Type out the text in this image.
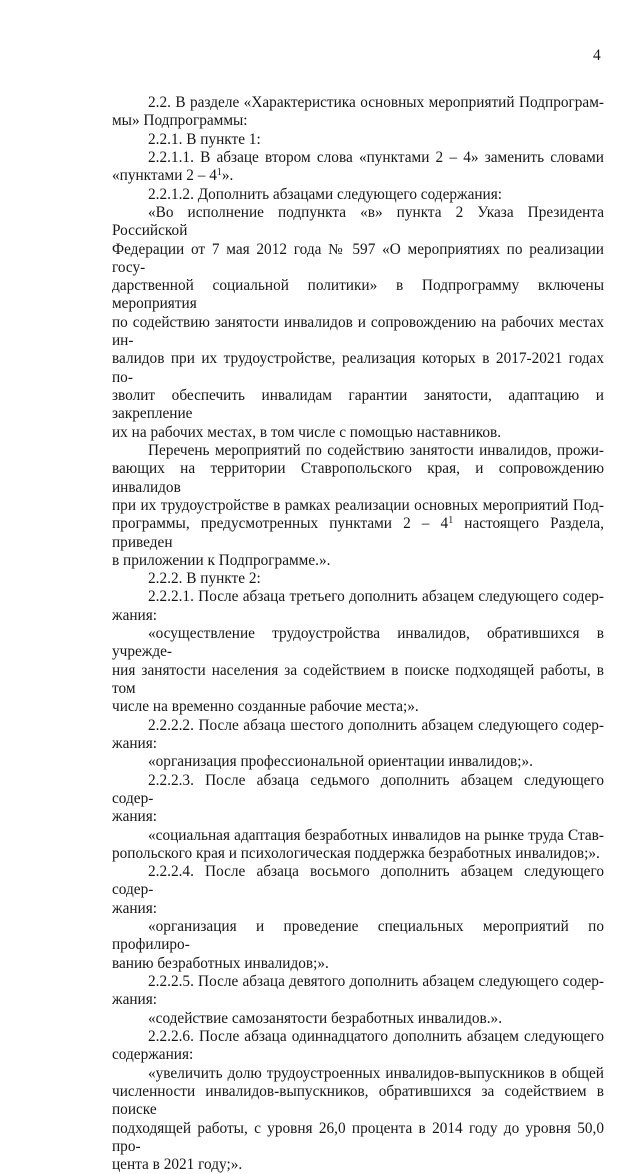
4
2.2. В разделе «Характеристика основных мероприятий Подпрограм-
мы» Подпрограммы:
2.2.1. В пункте 1:
2.2.1.1. В абзаце втором слова «пунктами 2 – 4» заменить словами
«пунктами $2 - 4^1$».
2.2.1.2. Дополнить абзацами следующего содержания:
«Во исполнение подпункта «в» пункта 2 Указа Президента Российской
Федерации от 7 мая 2012 года № 597 «О мероприятиях по реализации госу-
дарственной социальной политики» в Подпрограмму включены мероприятия
по содействию занятости инвалидов и сопровождению на рабочих местах ин-
валидов при их трудоустройстве, реализация которых в 2017-2021 годах по-
зволит обеспечить инвалидам гарантии занятости, адаптацию и закрепление
их на рабочих местах, в том числе с помощью наставников.
Перечень мероприятий по содействию занятости инвалидов, прожи-
вающих на территории Ставропольского края, и сопровождению инвалидов
при их трудоустройстве в рамках реализации основных мероприятий Под-
программы, предусмотренных пунктами $2 - 4^1$ настоящего Раздела, приведен
в приложении к Подпрограмме.».
2.2.2. В пункте 2:
2.2.2.1. После абзаца третьего дополнить абзацем следующего содер-
жания:
«осуществление трудоустройства инвалидов, обратившихся в учрежде-
ния занятости населения за содействием в поиске подходящей работы, в том
числе на временно созданные рабочие места;».
2.2.2.2. После абзаца шестого дополнить абзацем следующего содер-
жания:
«организация профессиональной ориентации инвалидов;».
2.2.2.3. После абзаца седьмого дополнить абзацем следующего содер-
жания:
«социальная адаптация безработных инвалидов на рынке труда Став-
ропольского края и психологическая поддержка безработных инвалидов;».
2.2.2.4. После абзаца восьмого дополнить абзацем следующего содер-
жания:
«организация и проведение специальных мероприятий по профилиро-
ванию безработных инвалидов;».
2.2.2.5. После абзаца девятого дополнить абзацем следующего содер-
жания:
«содействие самозанятости безработных инвалидов.».
2.2.2.6. После абзаца одиннадцатого дополнить абзацем следующего
содержания:
«увеличить долю трудоустроенных инвалидов-выпускников в общей
численности инвалидов-выпускников, обратившихся за содействием в поиске
подходящей работы, с уровня 26,0 процента в 2014 году до уровня 50,0 про-
цента в 2021 году;».
